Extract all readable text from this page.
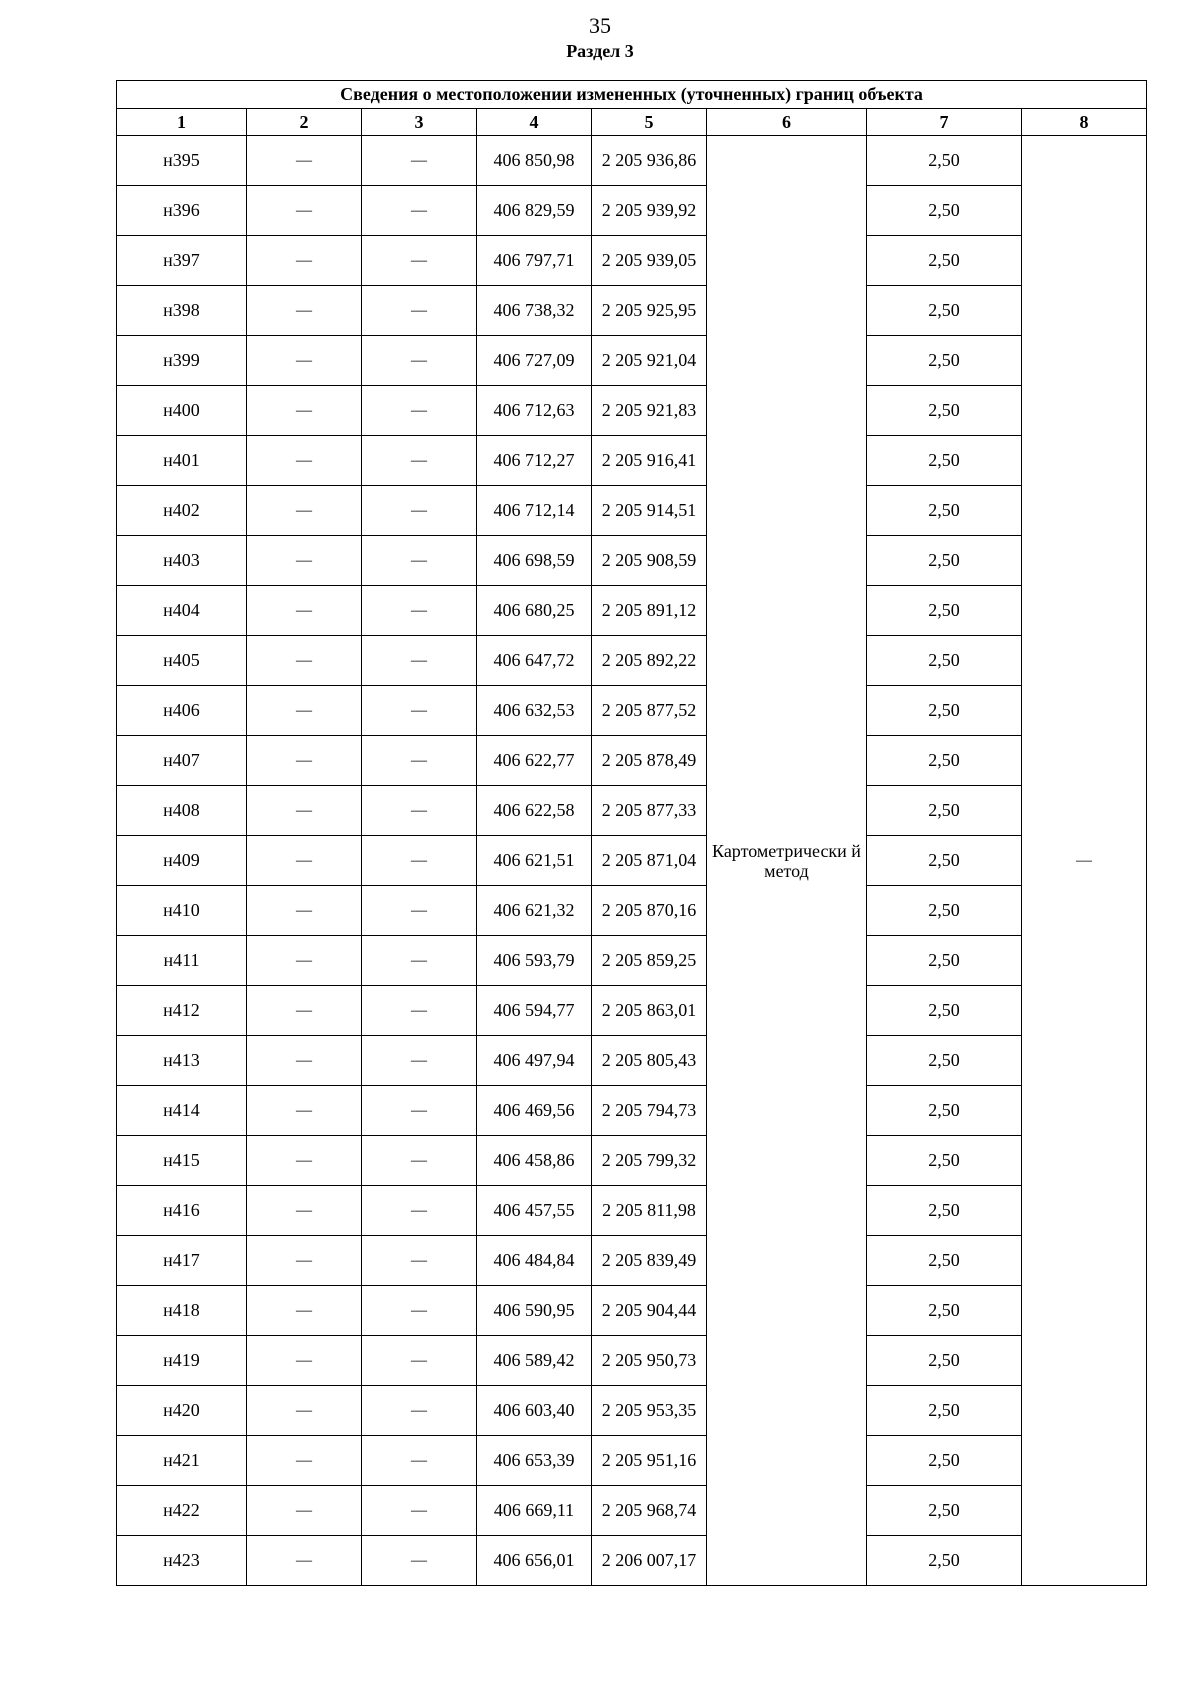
35
Раздел 3
Сведения о местоположении измененных (уточненных) границ объекта							
1	2	3	4	5	6	7	8
н395	—	—	406 850,98	2 205 936,86	Картометрически й метод	2,50	—
н396	—	—	406 829,59	2 205 939,92		2,50	
н397	—	—	406 797,71	2 205 939,05		2,50	
н398	—	—	406 738,32	2 205 925,95		2,50	
н399	—	—	406 727,09	2 205 921,04		2,50	
н400	—	—	406 712,63	2 205 921,83		2,50	
н401	—	—	406 712,27	2 205 916,41		2,50	
н402	—	—	406 712,14	2 205 914,51		2,50	
н403	—	—	406 698,59	2 205 908,59		2,50	
н404	—	—	406 680,25	2 205 891,12		2,50	
н405	—	—	406 647,72	2 205 892,22		2,50	
н406	—	—	406 632,53	2 205 877,52		2,50	
н407	—	—	406 622,77	2 205 878,49		2,50	
н408	—	—	406 622,58	2 205 877,33		2,50	
н409	—	—	406 621,51	2 205 871,04		2,50	
н410	—	—	406 621,32	2 205 870,16		2,50	
н411	—	—	406 593,79	2 205 859,25		2,50	
н412	—	—	406 594,77	2 205 863,01		2,50	
н413	—	—	406 497,94	2 205 805,43		2,50	
н414	—	—	406 469,56	2 205 794,73		2,50	
н415	—	—	406 458,86	2 205 799,32		2,50	
н416	—	—	406 457,55	2 205 811,98		2,50	
н417	—	—	406 484,84	2 205 839,49		2,50	
н418	—	—	406 590,95	2 205 904,44		2,50	
н419	—	—	406 589,42	2 205 950,73		2,50	
н420	—	—	406 603,40	2 205 953,35		2,50	
н421	—	—	406 653,39	2 205 951,16		2,50	
н422	—	—	406 669,11	2 205 968,74		2,50	
н423	—	—	406 656,01	2 206 007,17		2,50	
